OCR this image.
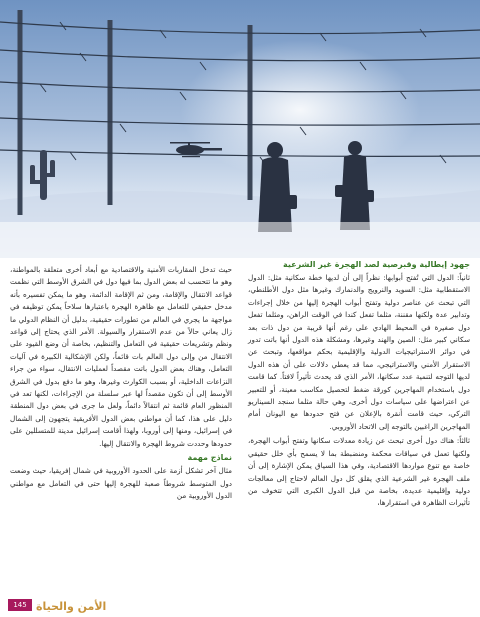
جهود إيطالية وقبرصية لصد الهجرة غير الشرعية

ثانياً: الدول التي تُفتح أبوابها: نظراً إلى أن لديها خطة سكانية مثل: الدول الاستقطابية مثل: السويد والنرويج والدنمارك وغيرها مثل دول الأطلنطي، التي تبحث عن عناصر دولية وتفتح أبواب الهجرة إليها من خلال إجراءات وتدابير عدة ولكنها مقننة، مثلما تفعل كندا في الوقت الراهن، ومثلما تفعل دول صغيرة في المحيط الهادي على رغم أنها قريبة من دول ذات بعد سكاني كبير مثل: الصين والهند وغيرها، ومشكلة هذه الدول أنها باتت تدور في دوائر الاستراتيجيات الدولية والإقليمية بحكم مواقعها، وتبحث عن الاستقرار الأمني والاستراتيجي، مما قد يعطي دلالات على أن هذه الدول لديها التوجه لتنمية عدد سكانها، الأمر الذي قد يحدث تأثيراً لافتاً. كما قامت دول باستخدام المهاجرين كورقة ضغط لتحصيل مكاسب معينة، أو للتعبير عن اعتراضها على سياسات دول أخرى، وهي حالة مثلما سنجد السيناريو التركي، حيث قامت أنقرة بالإعلان عن فتح حدودها مع اليونان أمام المهاجرين الراغبين بالتوجه إلى الاتحاد الأوروبي.

ثالثاً: هناك دول أخرى تبحث عن زيادة معدلات سكانها وتفتح أبواب الهجرة، ولكنها تعمل في سياقات محكمة ومنضبطة بما لا يسمح بأي خلل حقيقي خاصة مع تنوع مواردها الاقتصادية، وفي هذا السياق يمكن الإشارة إلى أن ملف الهجرة غير الشرعية الذي يقلق كل دول العالم لاحتاج إلى معالجات دولية وإقليمية عديدة، بخاصة من قبل الدول الكبرى التي تتخوف من تأثيرات الظاهرة في استقرارها،

حيث تدخل المقاربات الأمنية والاقتصادية مع أبعاد أخرى متعلقة بالمواطنة، وهو ما تتحسب له بعض الدول بما فيها دول في الشرق الأوسط التي نظمت قواعد الانتقال والإقامة، ومن ثم الإقامة الدائمة، وهو ما يمكن تفسيره بأنه مدخل حقيقي للتعامل مع ظاهرة الهجرة باعتبارها سلاحاً يمكن توظيفه في مواجهة ما يجري في العالم من تطورات حقيقية، بدليل أن النظام الدولي ما زال يعاني حالاً من عدم الاستقرار والسيولة. الأمر الذي يحتاج إلى قواعد ونظم وتشريعات حقيقية في التعامل والتنظيم، بخاصة أن وضع القيود على الانتقال من وإلى دول العالم بات قائماً، ولكن الإشكالية الكبيرة في آليات التعامل، وهناك بعض الدول باتت مقصداً لعمليات الانتقال، سواء من جراء النزاعات الداخلية، أو بسبب الكوارث وغيرها، وهو ما دفع بدول في الشرق الأوسط إلى أن تكون مقصداً لها عبر سلسلة من الإجراءات، لكنها تعد في المنظور العام قائمة ثم انتقالاً دائماً، ولعل ما جرى في بعض دول المنطقة دليل على هذا، كما أن مواطني بعض الدول الأفريقية يتجهون إلى الشمال في إسرائيل، ومنها إلى أوروبا، ولهذا أقامت إسرائيل مدينة للمتسللين على حدودها وحددت شروط الهجرة والانتقال إليها.

نماذج مهمة

مثال آخر تشكل أزمة على الحدود الأوروبية في شمال إفريقيا، حيث وضعت دول المتوسط شروطاً صعبة للهجرة إليها حتى في التعامل مع مواطني الدول الأوروبية من

145 الأمن والحياة
